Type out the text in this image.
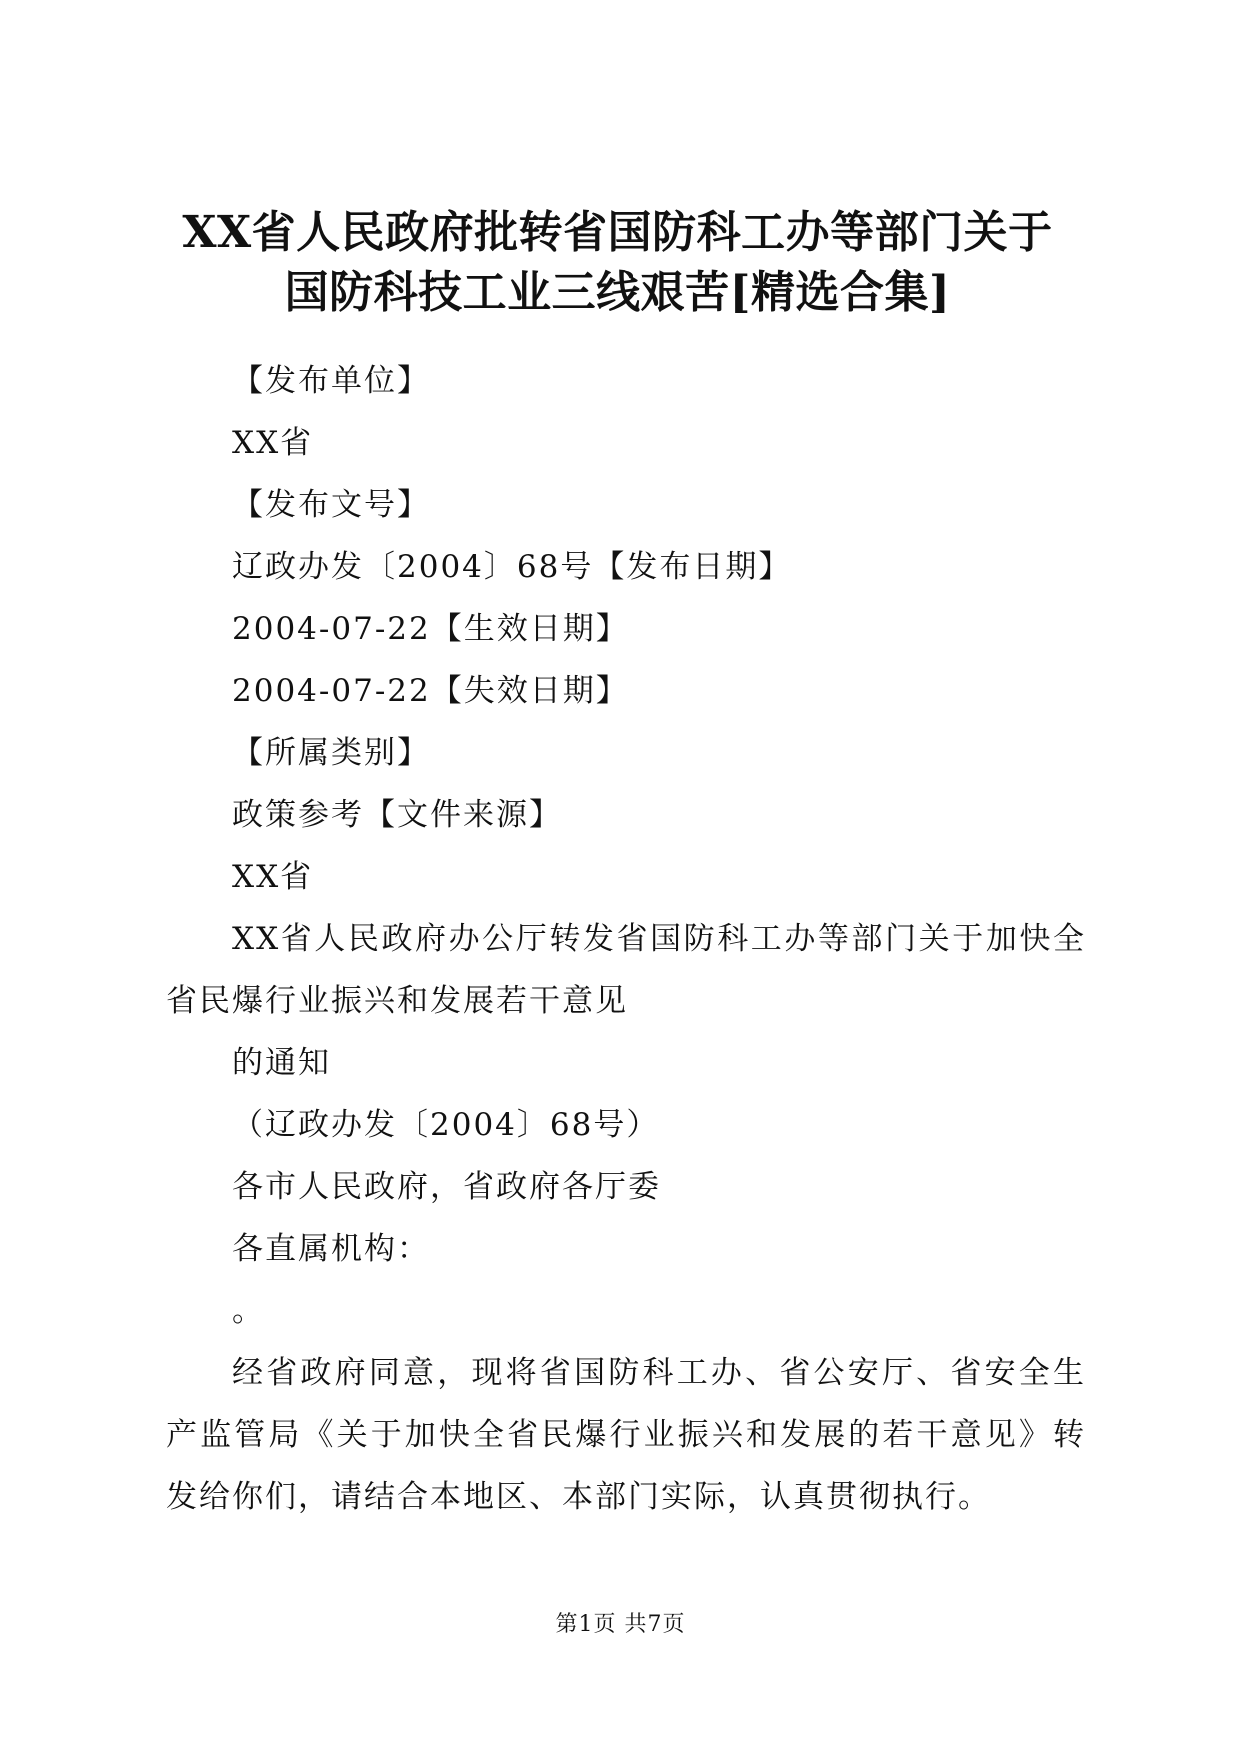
XX省人民政府批转省国防科工办等部门关于
国防科技工业三线艰苦[精选合集]

【发布单位】

XX省

【发布文号】

辽政办发〔2004〕68号【发布日期】

2004-07-22【生效日期】

2004-07-22【失效日期】

【所属类别】

政策参考【文件来源】

XX省

XX省人民政府办公厅转发省国防科工办等部门关于加快全省民爆行业振兴和发展若干意见

的通知

（辽政办发〔2004〕68号）

各市人民政府，省政府各厅委

各直属机构：

。

经省政府同意，现将省国防科工办、省公安厅、省安全生产监管局《关于加快全省民爆行业振兴和发展的若干意见》转发给你们，请结合本地区、本部门实际，认真贯彻执行。

第1页 共7页
